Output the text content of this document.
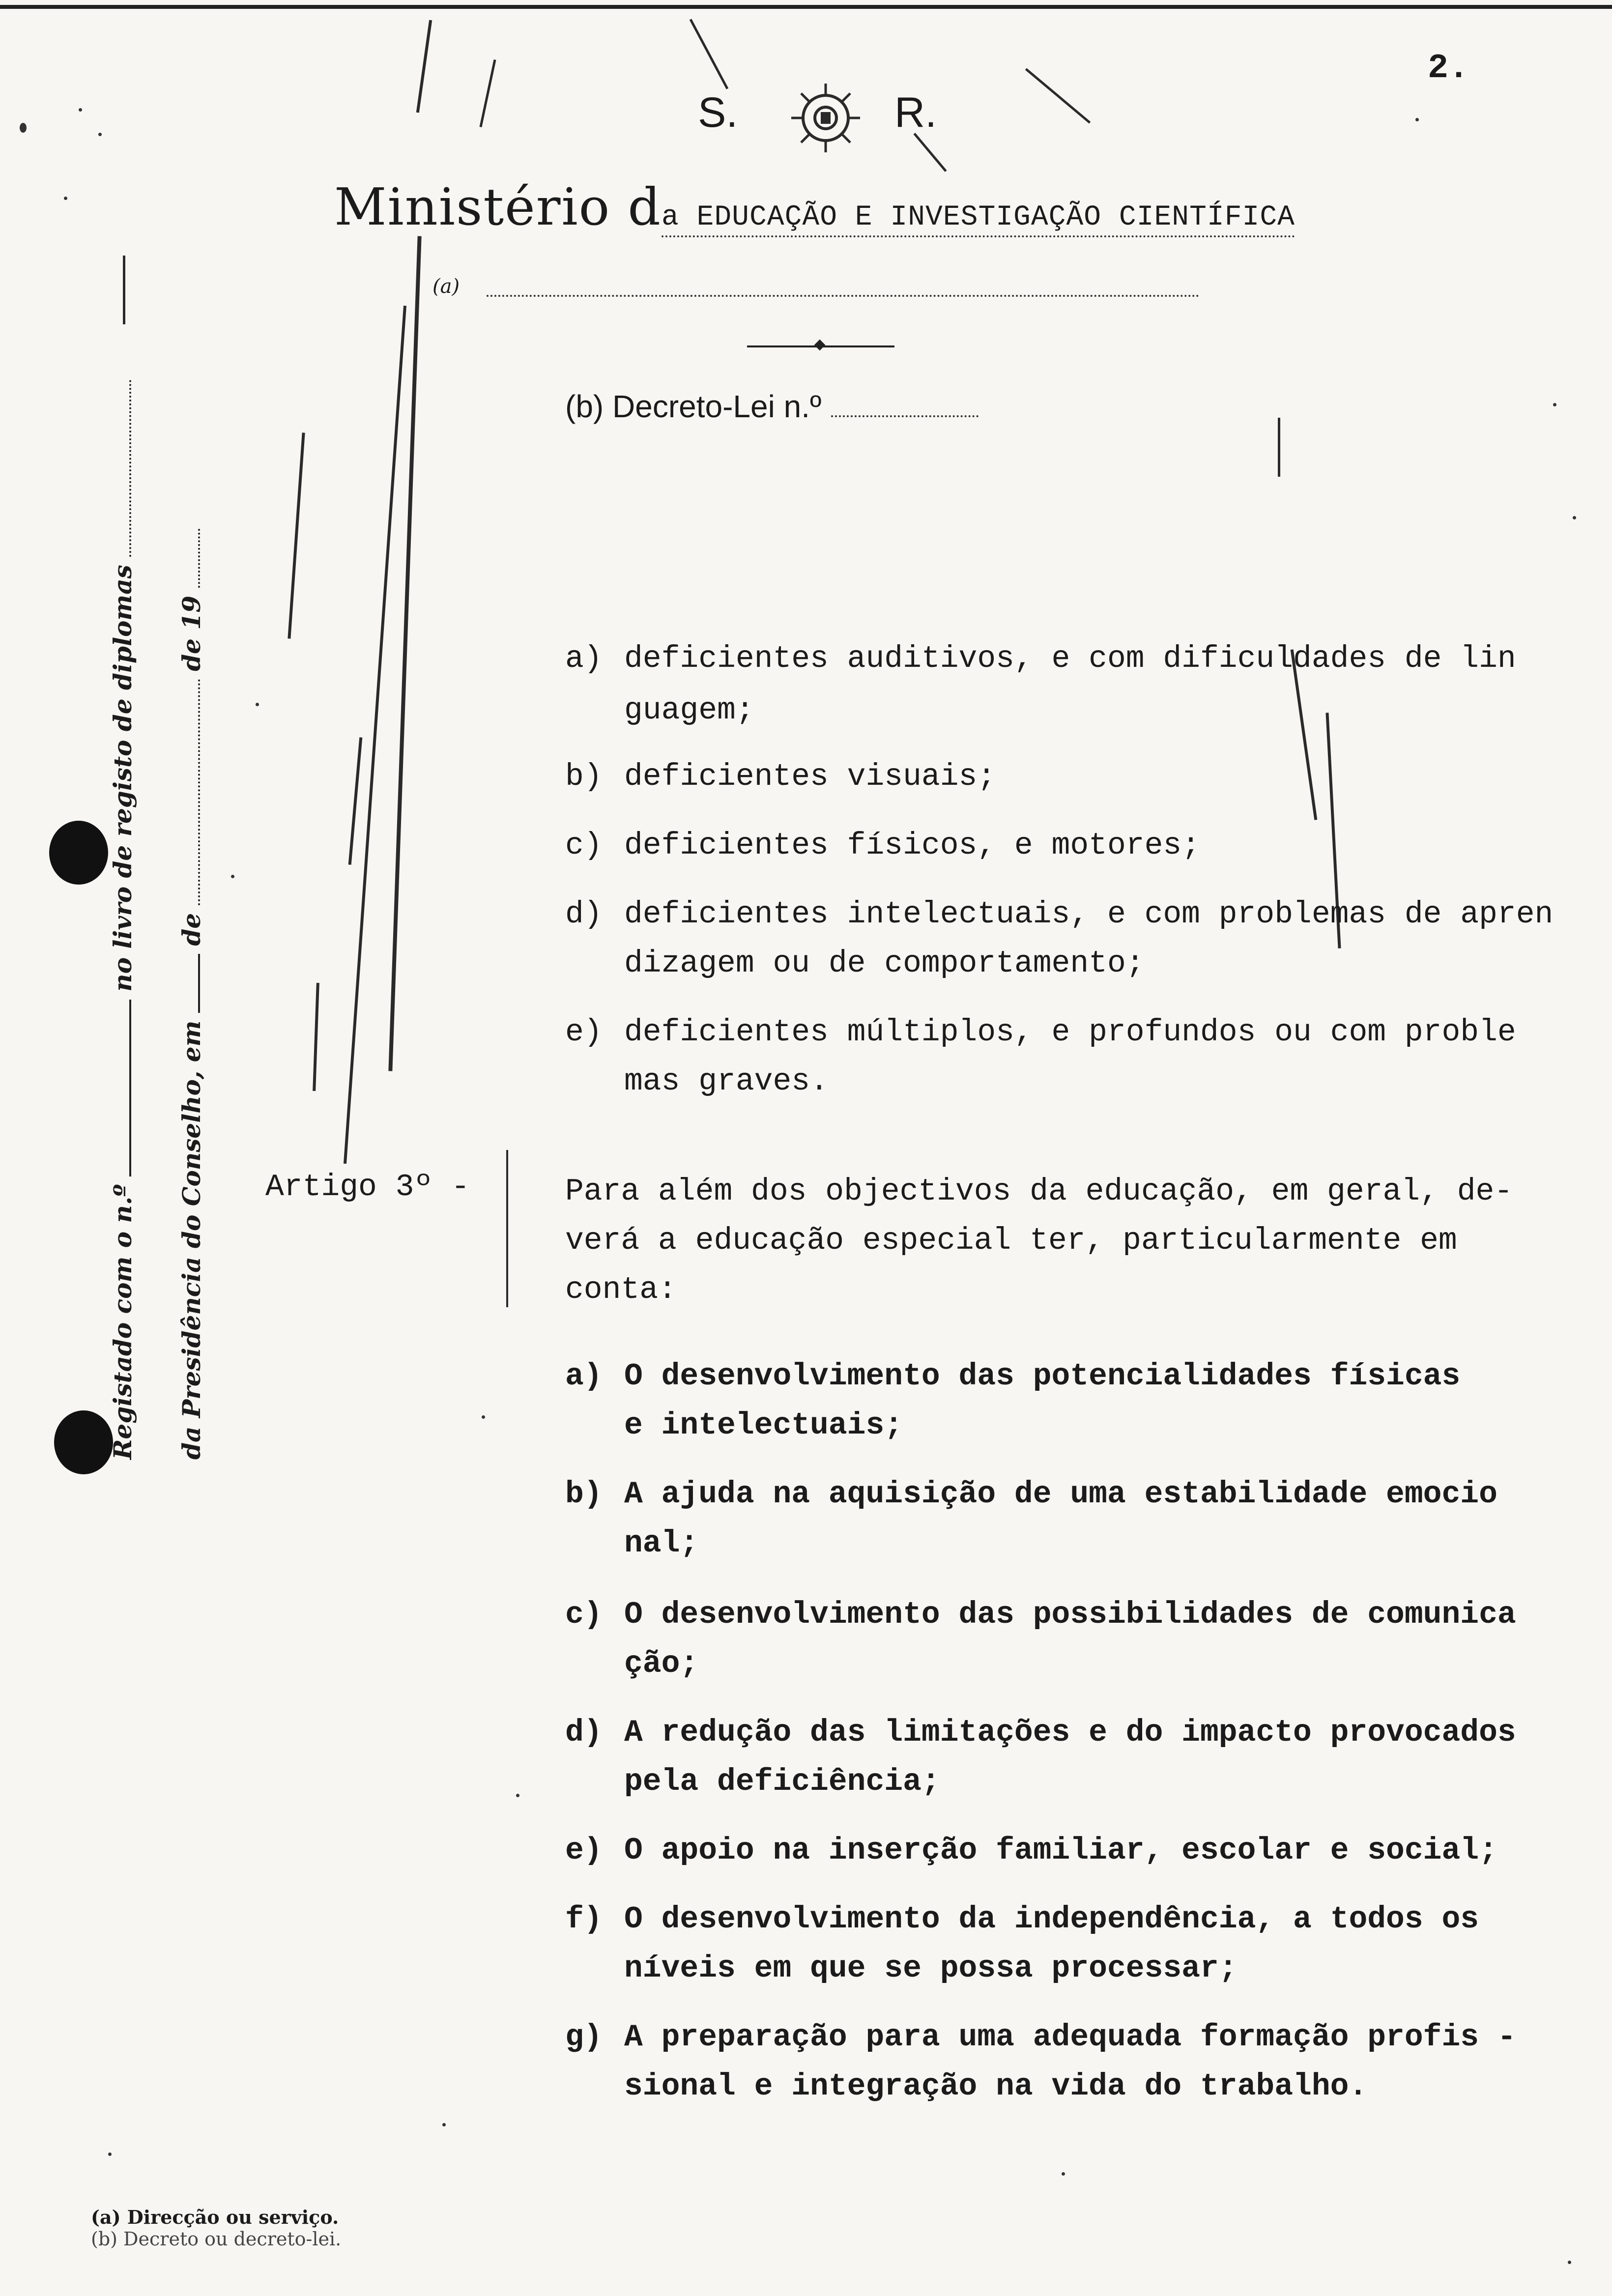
2.
S.	R.
Ministério da EDUCAÇÃO E INVESTIGAÇÃO CIENTÍFICA
(a)
(b) Decreto-Lei n.º
Registado com o n.ºno livro de registo de diplomas
da Presidência do Conselho, emdede 19	a) deficientes auditivos, e com dificuldades de lin
guagem;
b) deficientes visuais;
c) deficientes físicos, e motores;
d) deficientes intelectuais, e com problemas de apren
dizagem ou de comportamento;
e) deficientes múltiplos, e profundos ou com proble
mas graves.
Artigo 3º -	Para além dos objectivos da educação, em geral, de-
verá a educação especial ter, particularmente em
conta:
a) O desenvolvimento das potencialidades físicas
e intelectuais;
b) A ajuda na aquisição de uma estabilidade emocio
nal;
c) O desenvolvimento das possibilidades de comunica
ção;
d) A redução das limitações e do impacto provocados
pela deficiência;
e) O apoio na inserção familiar, escolar e social;
f) O desenvolvimento da independência, a todos os
níveis em que se possa processar;
g) A preparação para uma adequada formação profis -
sional e integração na vida do trabalho.
(a) Direcção ou serviço.
(b) Decreto ou decreto-lei.
